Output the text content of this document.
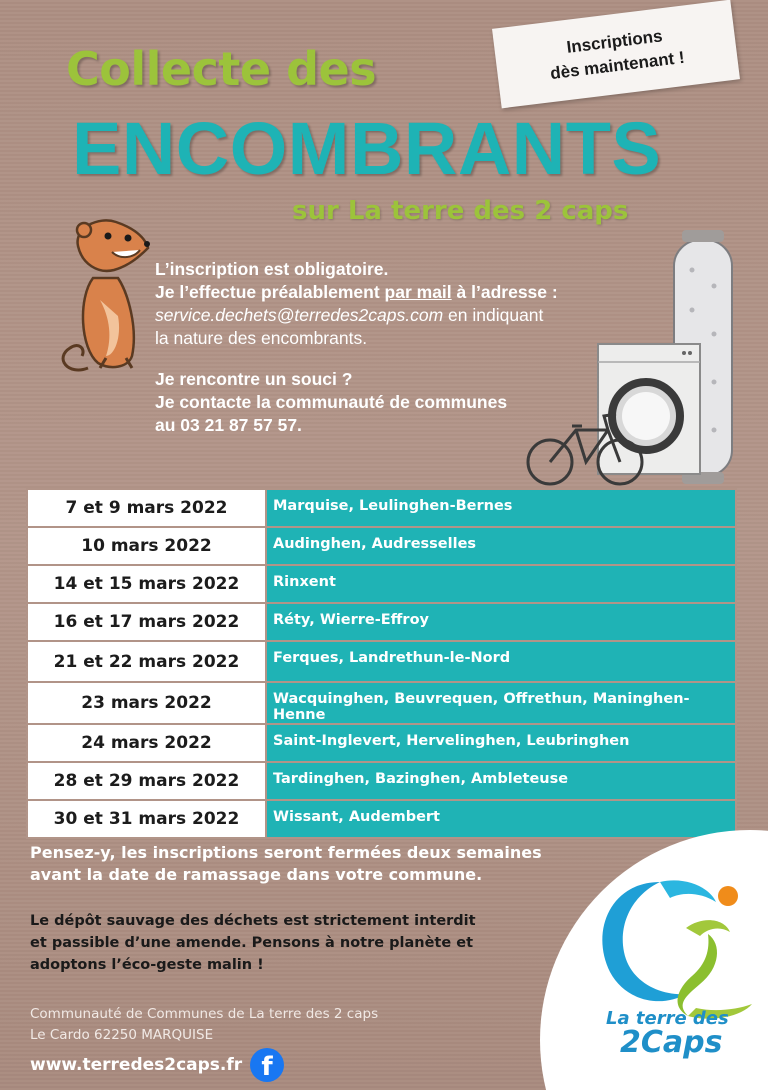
Inscriptions
dès maintenant !
Collecte des
ENCOMBRANTS
sur La terre des 2 caps
L’inscription est obligatoire.
Je l’effectue préalablement par mail à l’adresse :
service.dechets@terredes2caps.com en indiquant
la nature des encombrants.
Je rencontre un souci ?
Je contacte la communauté de communes
au 03 21 87 57 57.
7 et 9 mars 2022	Marquise, Leulinghen-Bernes
10 mars 2022	Audinghen, Audresselles
14 et 15 mars 2022	Rinxent
16 et 17 mars 2022	Réty, Wierre-Effroy
21 et 22 mars 2022	Ferques, Landrethun-le-Nord
23 mars 2022	Wacquinghen, Beuvrequen, Offrethun, Maninghen-Henne
24 mars 2022	Saint-Inglevert, Hervelinghen, Leubringhen
28 et 29 mars 2022	Tardinghen, Bazinghen, Ambleteuse
30 et 31 mars 2022	Wissant, Audembert
La terre des
2Caps
Pensez-y, les inscriptions seront fermées deux semaines
avant la date de ramassage dans votre commune.
Le dépôt sauvage des déchets est strictement interdit
et passible d’une amende. Pensons à notre planète et
adoptons l’éco-geste malin !
Communauté de Communes de La terre des 2 caps
Le Cardo 62250 MARQUISE
www.terredes2caps.fr f
